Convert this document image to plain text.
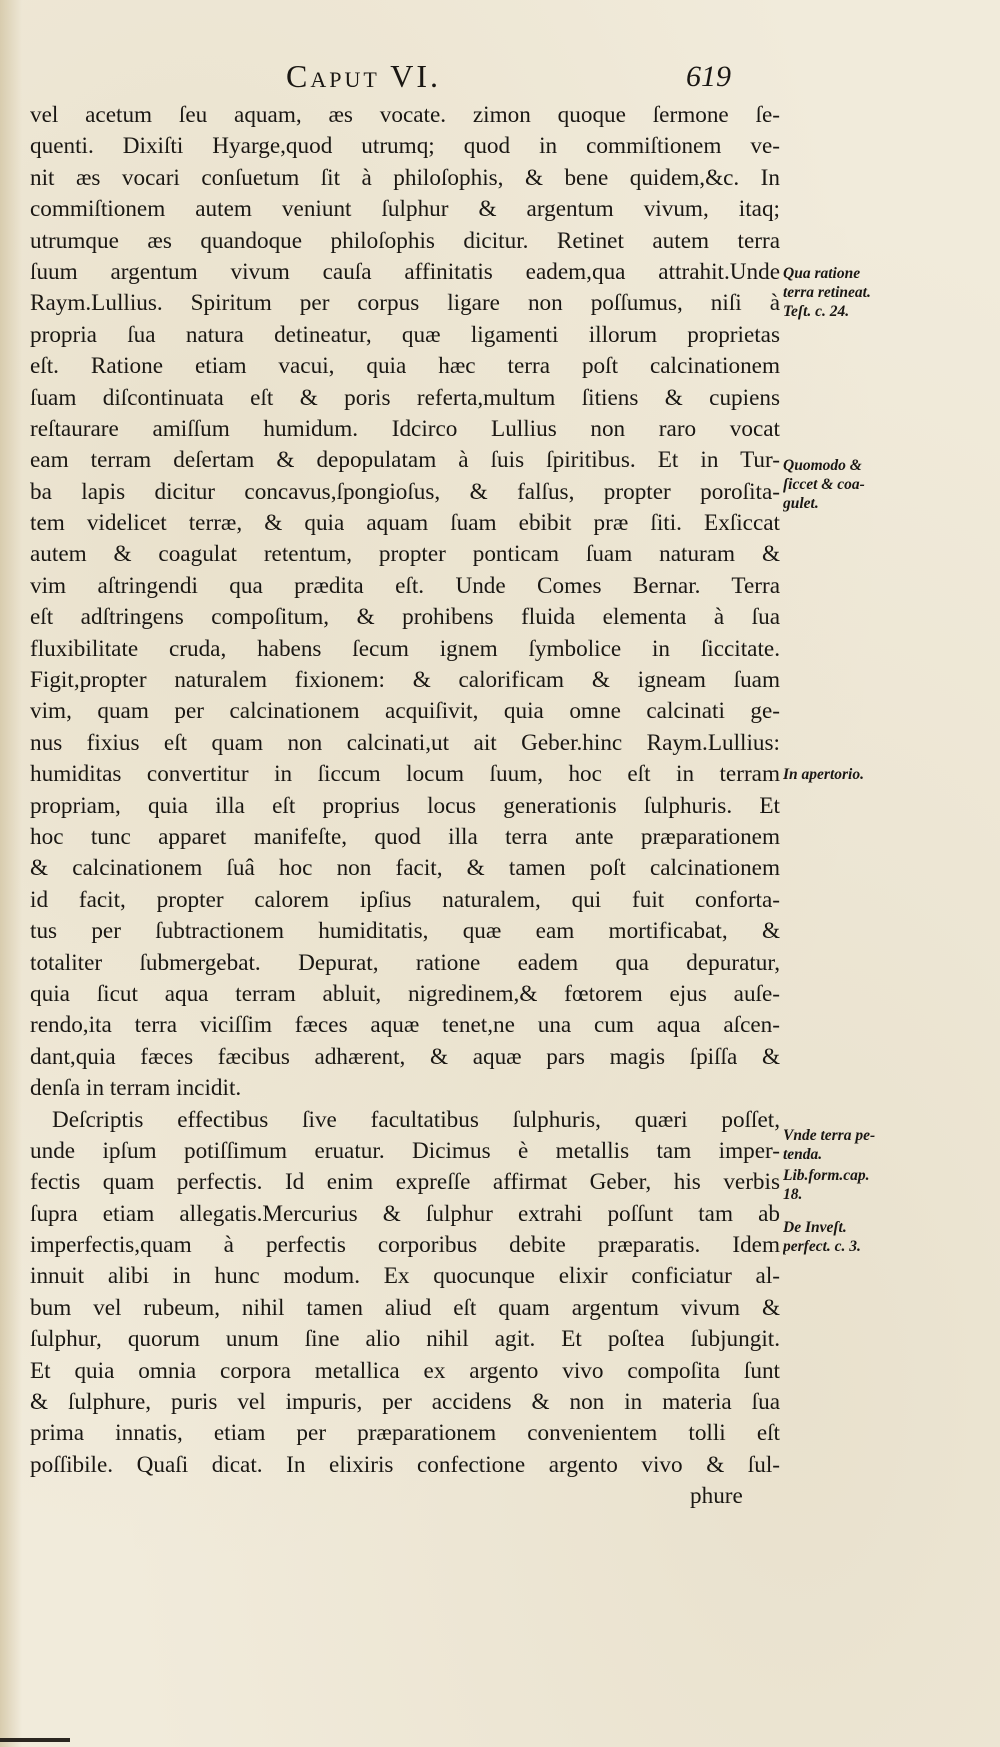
Caput VI.	619
vel acetum ſeu aquam, æs vocate. zimon quoque ſermone ſe-
quenti. Dixiſti Hyarge,quod utrumq; quod in commiſtionem ve-
nit æs vocari conſuetum ſit à philoſophis, & bene quidem,&c. In
commiſtionem autem veniunt ſulphur & argentum vivum, itaq;
utrumque æs quandoque philoſophis dicitur. Retinet autem terra
ſuum argentum vivum cauſa affinitatis eadem,qua attrahit.Unde
Raym.Lullius. Spiritum per corpus ligare non poſſumus, niſi à
propria ſua natura detineatur, quæ ligamenti illorum proprietas
eſt. Ratione etiam vacui, quia hæc terra poſt calcinationem
ſuam diſcontinuata eſt & poris referta,multum ſitiens & cupiens
reſtaurare amiſſum humidum. Idcirco Lullius non raro vocat
eam terram deſertam & depopulatam à ſuis ſpiritibus. Et in Tur-
ba lapis dicitur concavus,ſpongioſus, & falſus, propter poroſita-
tem videlicet terræ, & quia aquam ſuam ebibit præ ſiti. Exſiccat
autem & coagulat retentum, propter ponticam ſuam naturam &
vim aſtringendi qua prædita eſt. Unde Comes Bernar. Terra
eſt adſtringens compoſitum, & prohibens fluida elementa à ſua
fluxibilitate cruda, habens ſecum ignem ſymbolice in ſiccitate.
Figit,propter naturalem fixionem: & calorificam & igneam ſuam
vim, quam per calcinationem acquiſivit, quia omne calcinati ge-
nus fixius eſt quam non calcinati,ut ait Geber.hinc Raym.Lullius:
humiditas convertitur in ſiccum locum ſuum, hoc eſt in terram
propriam, quia illa eſt proprius locus generationis ſulphuris. Et
hoc tunc apparet manifeſte, quod illa terra ante præparationem
& calcinationem ſuâ hoc non facit, & tamen poſt calcinationem
id facit, propter calorem ipſius naturalem, qui fuit conforta-
tus per ſubtractionem humiditatis, quæ eam mortificabat, &
totaliter ſubmergebat. Depurat, ratione eadem qua depuratur,
quia ſicut aqua terram abluit, nigredinem,& fœtorem ejus auſe-
rendo,ita terra viciſſim fæces aquæ tenet,ne una cum aqua aſcen-
dant,quia fæces fæcibus adhærent, & aquæ pars magis ſpiſſa &
denſa in terram incidit.
Deſcriptis effectibus ſive facultatibus ſulphuris, quæri poſſet,
unde ipſum potiſſimum eruatur. Dicimus è metallis tam imper-
fectis quam perfectis. Id enim expreſſe affirmat Geber, his verbis
ſupra etiam allegatis.Mercurius & ſulphur extrahi poſſunt tam ab
imperfectis,quam à perfectis corporibus debite præparatis. Idem
innuit alibi in hunc modum. Ex quocunque elixir conficiatur al-
bum vel rubeum, nihil tamen aliud eſt quam argentum vivum &
ſulphur, quorum unum ſine alio nihil agit. Et poſtea ſubjungit.
Et quia omnia corpora metallica ex argento vivo compoſita ſunt
& ſulphure, puris vel impuris, per accidens & non in materia ſua
prima innatis, etiam per præparationem convenientem tolli eſt
poſſibile. Quaſi dicat. In elixiris confectione argento vivo & ſul-
Qua ratione
terra retineat.
Teſt. c. 24.
Quomodo &
ſiccet & coa-
gulet.
In apertorio.
Vnde terra pe-
tenda.
Lib.form.cap.
18.
De Inveſt.
perfect. c. 3.
phure
